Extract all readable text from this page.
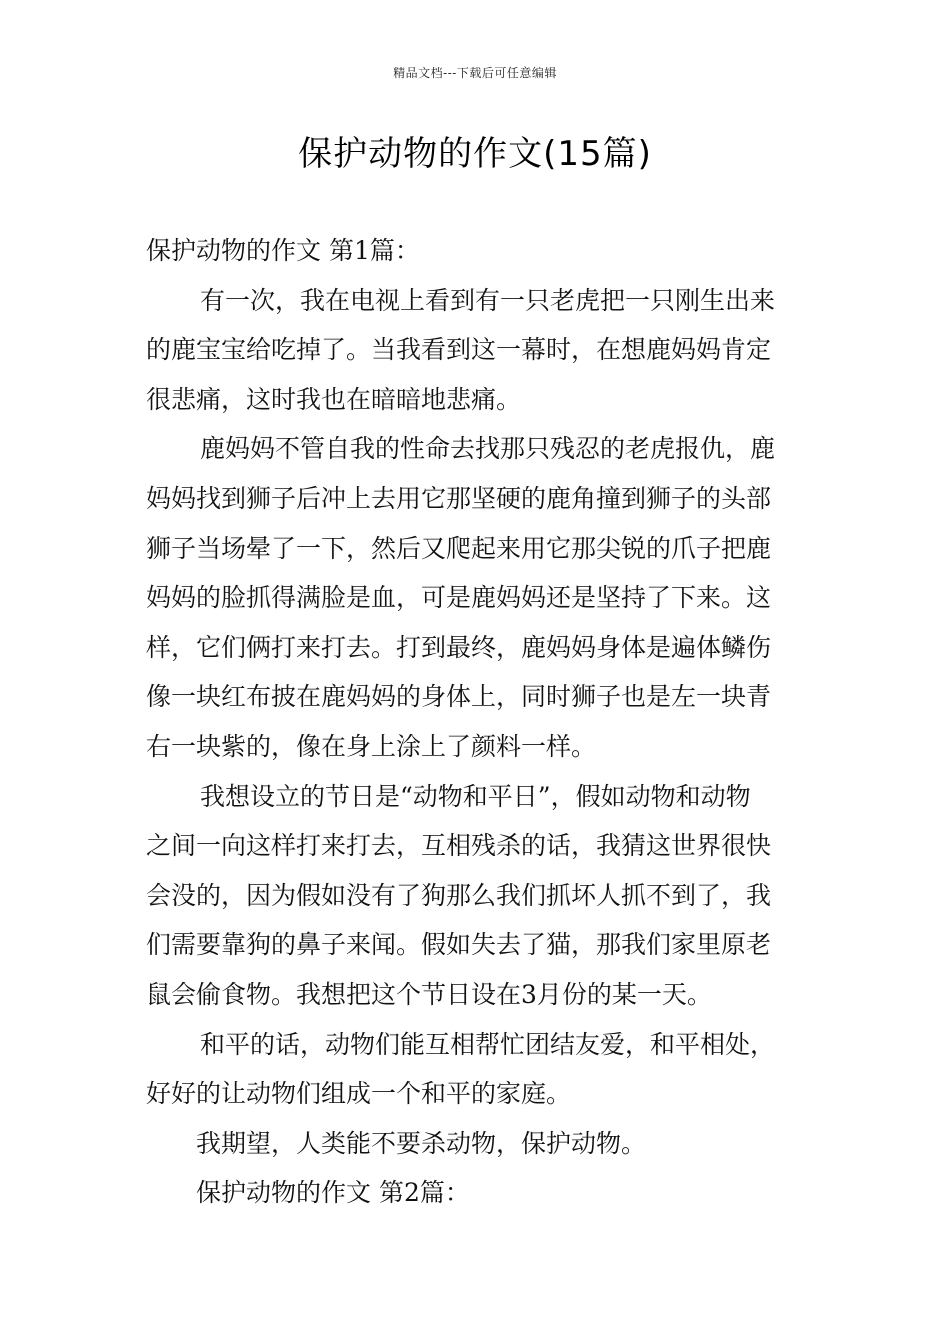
精品文档---下载后可任意编辑
保护动物的作文(15篇)
保护动物的作文 第1篇：
有一次，我在电视上看到有一只老虎把一只刚生出来
的鹿宝宝给吃掉了。当我看到这一幕时，在想鹿妈妈肯定
很悲痛，这时我也在暗暗地悲痛。
鹿妈妈不管自我的性命去找那只残忍的老虎报仇，鹿
妈妈找到狮子后冲上去用它那坚硬的鹿角撞到狮子的头部
狮子当场晕了一下，然后又爬起来用它那尖锐的爪子把鹿
妈妈的脸抓得满脸是血，可是鹿妈妈还是坚持了下来。这
样，它们俩打来打去。打到最终，鹿妈妈身体是遍体鳞伤
像一块红布披在鹿妈妈的身体上，同时狮子也是左一块青
右一块紫的，像在身上涂上了颜料一样。
我想设立的节日是“动物和平日”，假如动物和动物
之间一向这样打来打去，互相残杀的话，我猜这世界很快
会没的，因为假如没有了狗那么我们抓坏人抓不到了，我
们需要靠狗的鼻子来闻。假如失去了猫，那我们家里原老
鼠会偷食物。我想把这个节日设在3月份的某一天。
和平的话，动物们能互相帮忙团结友爱，和平相处，
好好的让动物们组成一个和平的家庭。
我期望，人类能不要杀动物，保护动物。
保护动物的作文 第2篇：
